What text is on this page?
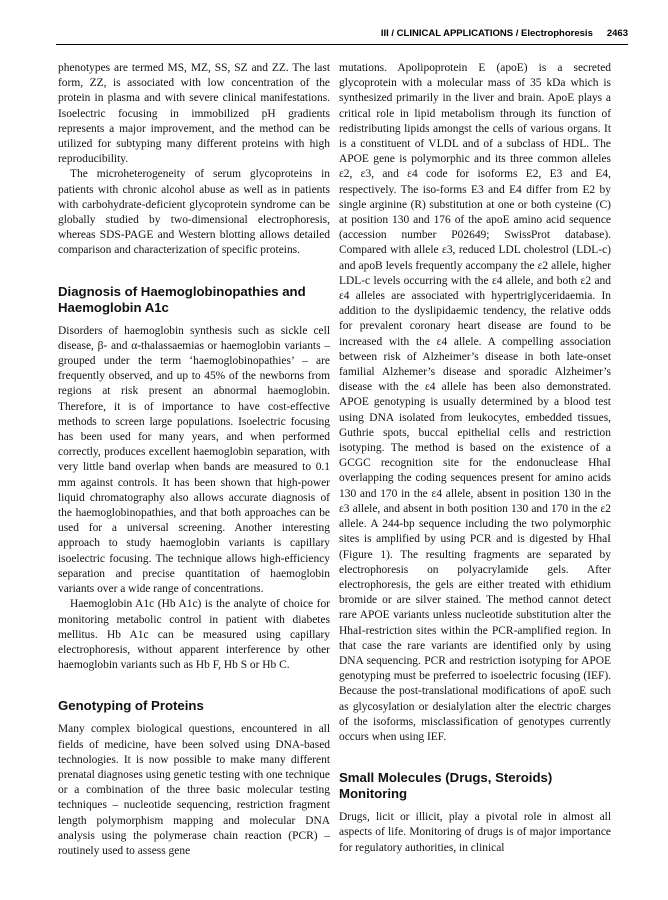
III / CLINICAL APPLICATIONS / Electrophoresis 2463

phenotypes are termed MS, MZ, SS, SZ and ZZ. The last form, ZZ, is associated with low concentration of the protein in plasma and with severe clinical manifestations. Isoelectric focusing in immobilized pH gradients represents a major improvement, and the method can be utilized for subtyping many different proteins with high reproducibility.

The microheterogeneity of serum glycoproteins in patients with chronic alcohol abuse as well as in patients with carbohydrate-deficient glycoprotein syndrome can be globally studied by two-dimensional electrophoresis, whereas SDS-PAGE and Western blotting allows detailed comparison and characterization of specific proteins.

Diagnosis of Haemoglobinopathies and Haemoglobin A1c

Disorders of haemoglobin synthesis such as sickle cell disease, β- and α-thalassaemias or haemoglobin variants – grouped under the term ‘haemoglobinopathies’ – are frequently observed, and up to 45% of the newborns from regions at risk present an abnormal haemoglobin. Therefore, it is of importance to have cost-effective methods to screen large populations. Isoelectric focusing has been used for many years, and when performed correctly, produces excellent haemoglobin separation, with very little band overlap when bands are measured to 0.1 mm against controls. It has been shown that high-power liquid chromatography also allows accurate diagnosis of the haemoglobinopathies, and that both approaches can be used for a universal screening. Another interesting approach to study haemoglobin variants is capillary isoelectric focusing. The technique allows high-efficiency separation and precise quantitation of haemoglobin variants over a wide range of concentrations.

Haemoglobin A1c (Hb A1c) is the analyte of choice for monitoring metabolic control in patient with diabetes mellitus. Hb A1c can be measured using capillary electrophoresis, without apparent interference by other haemoglobin variants such as Hb F, Hb S or Hb C.

Genotyping of Proteins

Many complex biological questions, encountered in all fields of medicine, have been solved using DNA-based technologies. It is now possible to make many different prenatal diagnoses using genetic testing with one technique or a combination of the three basic molecular testing techniques – nucleotide sequencing, restriction fragment length polymorphism mapping and molecular DNA analysis using the polymerase chain reaction (PCR) – routinely used to assess gene

mutations. Apolipoprotein E (apoE) is a secreted glycoprotein with a molecular mass of 35 kDa which is synthesized primarily in the liver and brain. ApoE plays a critical role in lipid metabolism through its function of redistributing lipids amongst the cells of various organs. It is a constituent of VLDL and of a subclass of HDL. The APOE gene is polymorphic and its three common alleles ε2, ε3, and ε4 code for isoforms E2, E3 and E4, respectively. The iso-forms E3 and E4 differ from E2 by single arginine (R) substitution at one or both cysteine (C) at position 130 and 176 of the apoE amino acid sequence (accession number P02649; SwissProt database). Compared with allele ε3, reduced LDL cholestrol (LDL-c) and apoB levels frequently accompany the ε2 allele, higher LDL-c levels occurring with the ε4 allele, and both ε2 and ε4 alleles are associated with hypertriglyceridaemia. In addition to the dyslipidaemic tendency, the relative odds for prevalent coronary heart disease are found to be increased with the ε4 allele. A compelling association between risk of Alzheimer’s disease in both late-onset familial Alzhemer’s disease and sporadic Alzheimer’s disease with the ε4 allele has been also demonstrated. APOE genotyping is usually determined by a blood test using DNA isolated from leukocytes, embedded tissues, Guthrie spots, buccal epithelial cells and restriction isotyping. The method is based on the existence of a GCGC recognition site for the endonuclease HhaI overlapping the coding sequences present for amino acids 130 and 170 in the ε4 allele, absent in position 130 in the ε3 allele, and absent in both position 130 and 170 in the ε2 allele. A 244-bp sequence including the two polymorphic sites is amplified by using PCR and is digested by HhaI (Figure 1). The resulting fragments are separated by electrophoresis on polyacrylamide gels. After electrophoresis, the gels are either treated with ethidium bromide or are silver stained. The method cannot detect rare APOE variants unless nucleotide substitution alter the HhaI-restriction sites within the PCR-amplified region. In that case the rare variants are identified only by using DNA sequencing. PCR and restriction isotyping for APOE genotyping must be preferred to isoelectric focusing (IEF). Because the post-translational modifications of apoE such as glycosylation or desialylation alter the electric charges of the isoforms, misclassification of genotypes currently occurs when using IEF.

Small Molecules (Drugs, Steroids) Monitoring

Drugs, licit or illicit, play a pivotal role in almost all aspects of life. Monitoring of drugs is of major importance for regulatory authorities, in clinical
